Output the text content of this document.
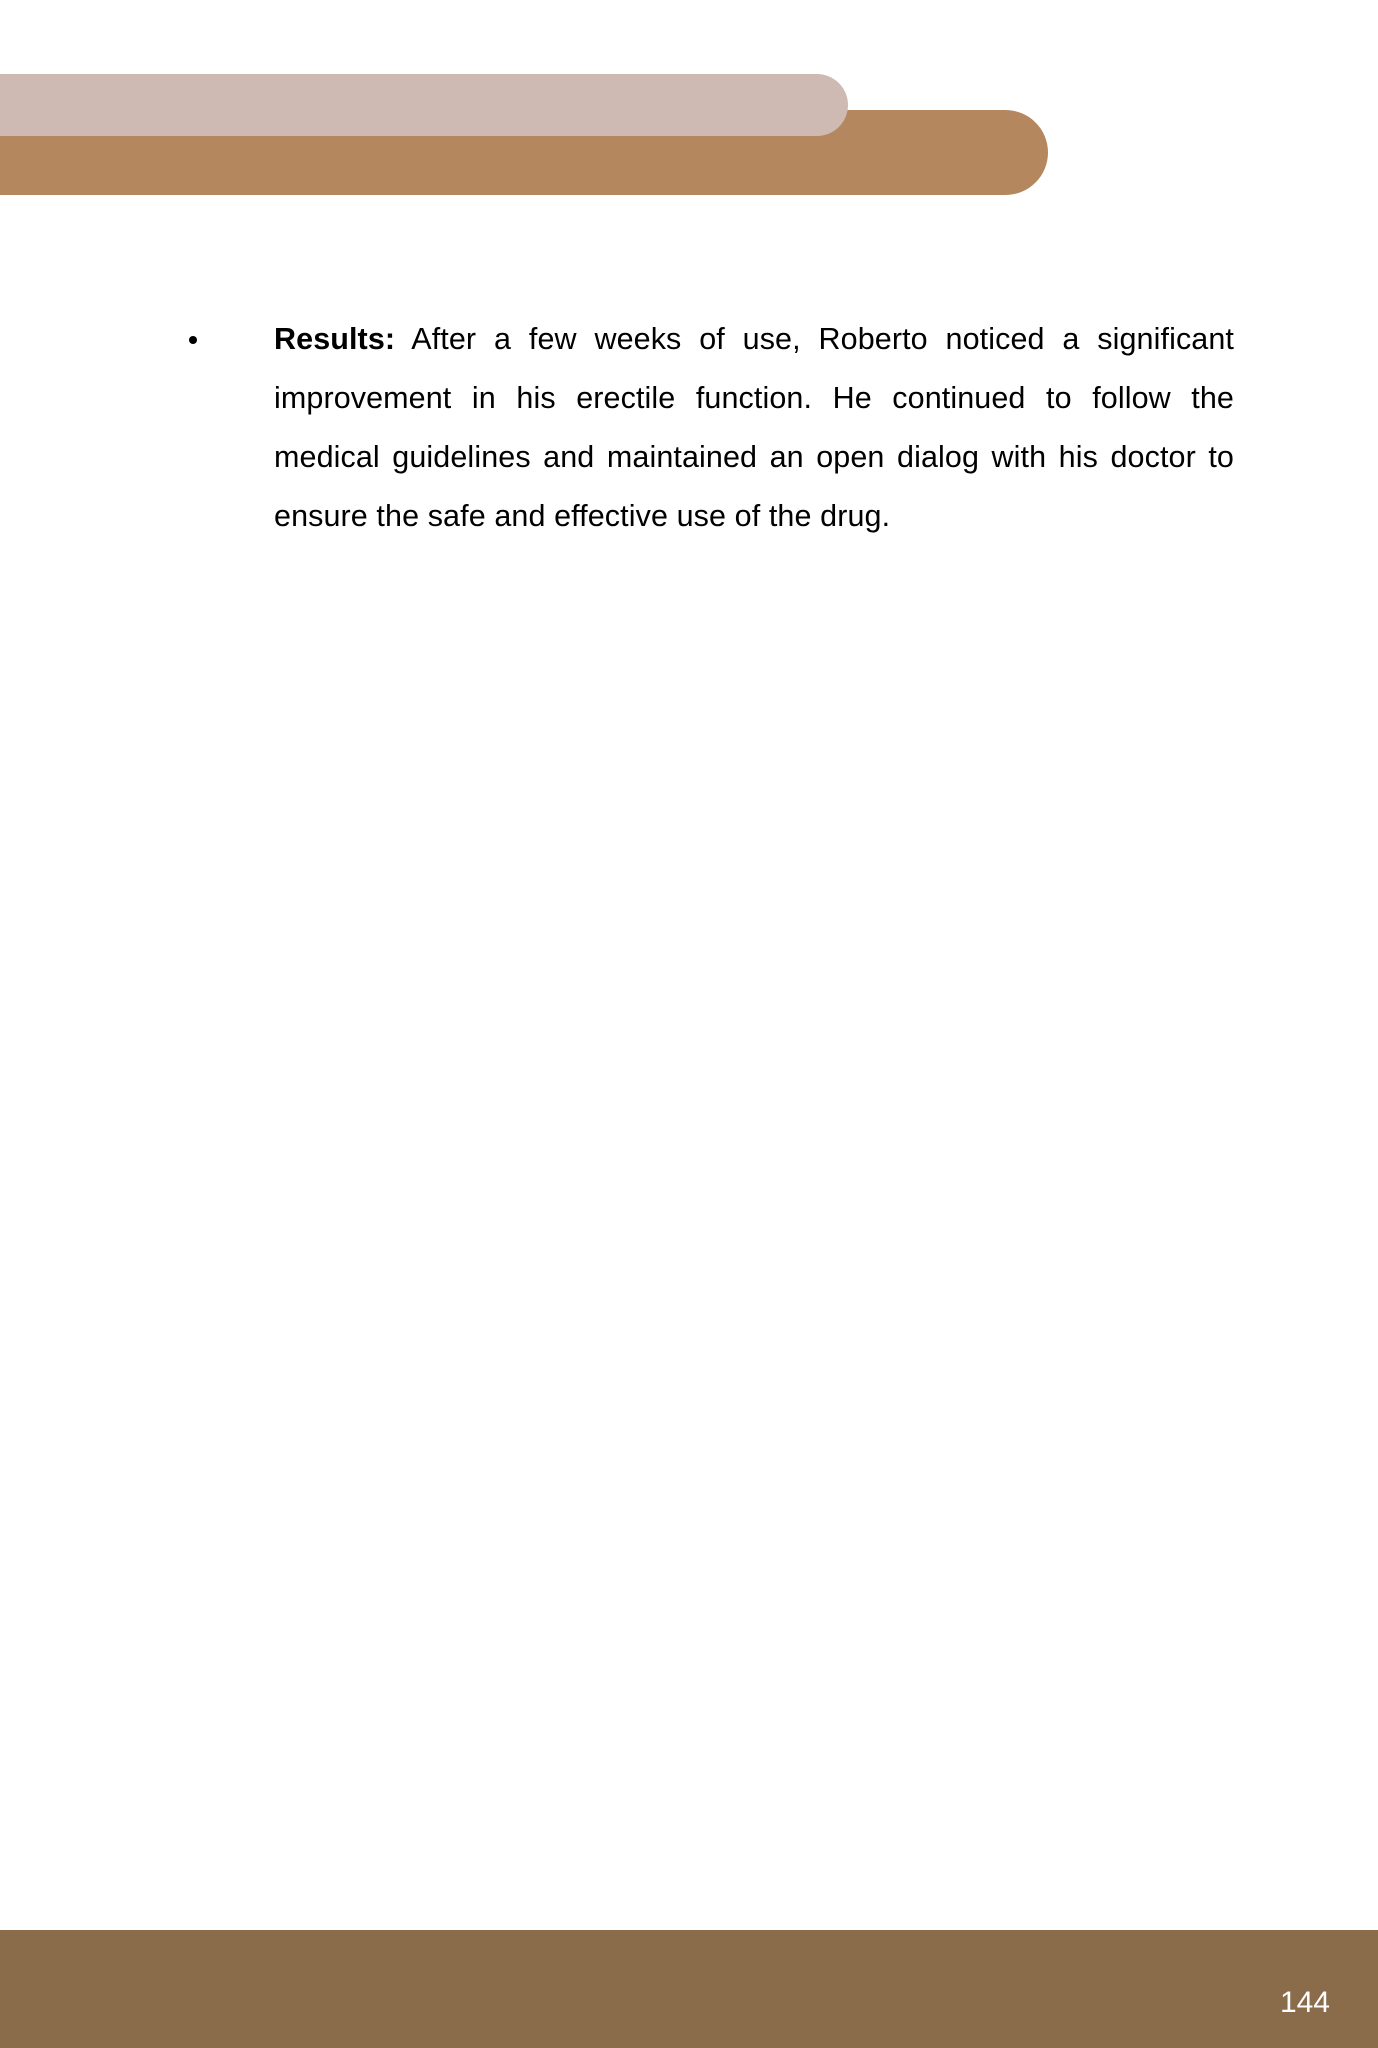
Results: After a few weeks of use, Roberto noticed a significant improvement in his erectile function. He continued to follow the medical guidelines and maintained an open dialog with his doctor to ensure the safe and effective use of the drug.

144
